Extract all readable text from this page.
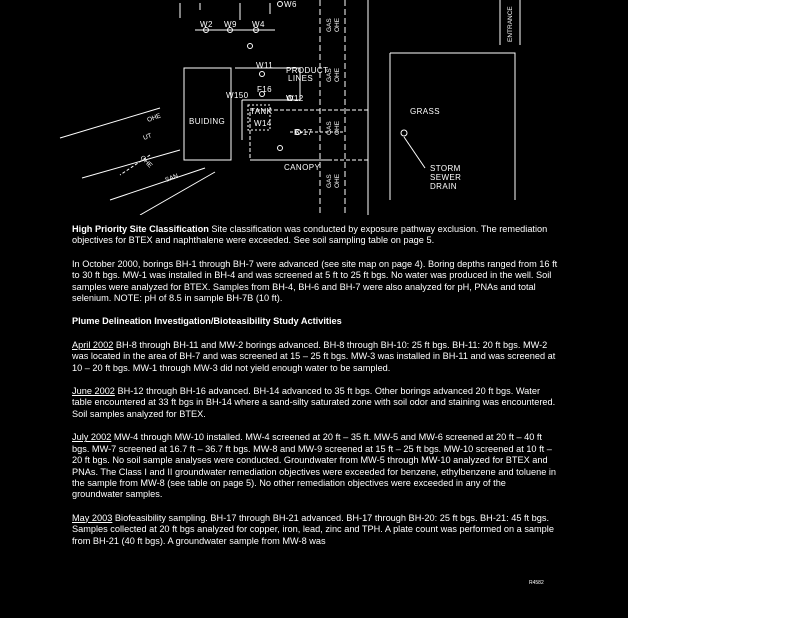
W2 W9 W4
W6
W11
W150
F16
W12
W14
PRODUCT
LINES
TANK
B-17
BUIDING
CANOPY
GRASS
STORM
SEWER
DRAIN
ENTRANCE
OHE
UT
OHE
SAN
GAS OHE
GAS OHE
GAS OHE
GAS OHE

High Priority Site Classification Site classification was conducted by exposure pathway exclusion. The remediation objectives for BTEX and naphthalene were exceeded. See soil sampling table on page 5.

In October 2000, borings BH-1 through BH-7 were advanced (see site map on page 4). Boring depths ranged from 16 ft to 30 ft bgs. MW-1 was installed in BH-4 and was screened at 5 ft to 25 ft bgs. No water was produced in the well. Soil samples were analyzed for BTEX. Samples from BH-4, BH-6 and BH-7 were also analyzed for pH, PNAs and total selenium. NOTE: pH of 8.5 in sample BH-7B (10 ft).

Plume Delineation Investigation/Bioteasibility Study Activities

April 2002 BH-8 through BH-11 and MW-2 borings advanced. BH-8 through BH-10: 25 ft bgs. BH-11: 20 ft bgs. MW-2 was located in the area of BH-7 and was screened at 15 – 25 ft bgs. MW-3 was installed in BH-11 and was screened at 10 – 20 ft bgs. MW-1 through MW-3 did not yield enough water to be sampled.

June 2002 BH-12 through BH-16 advanced. BH-14 advanced to 35 ft bgs. Other borings advanced 20 ft bgs. Water table encountered at 33 ft bgs in BH-14 where a sand-silty saturated zone with soil odor and staining was encountered. Soil samples analyzed for BTEX.

July 2002 MW-4 through MW-10 installed. MW-4 screened at 20 ft – 35 ft. MW-5 and MW-6 screened at 20 ft – 40 ft bgs. MW-7 screened at 16.7 ft – 36.7 ft bgs. MW-8 and MW-9 screened at 15 ft – 25 ft bgs. MW-10 screened at 10 ft – 20 ft bgs. No soil sample analyses were conducted. Groundwater from MW-5 through MW-10 analyzed for BTEX and PNAs. The Class I and II groundwater remediation objectives were exceeded for benzene, ethylbenzene and toluene in the sample from MW-8 (see table on page 5). No other remediation objectives were exceeded in any of the groundwater samples.

May 2003 Biofeasibility sampling. BH-17 through BH-21 advanced. BH-17 through BH-20: 25 ft bgs. BH-21: 45 ft bgs. Samples collected at 20 ft bgs analyzed for copper, iron, lead, zinc and TPH. A plate count was performed on a sample from BH-21 (40 ft bgs). A groundwater sample from MW-8 was

R4582
